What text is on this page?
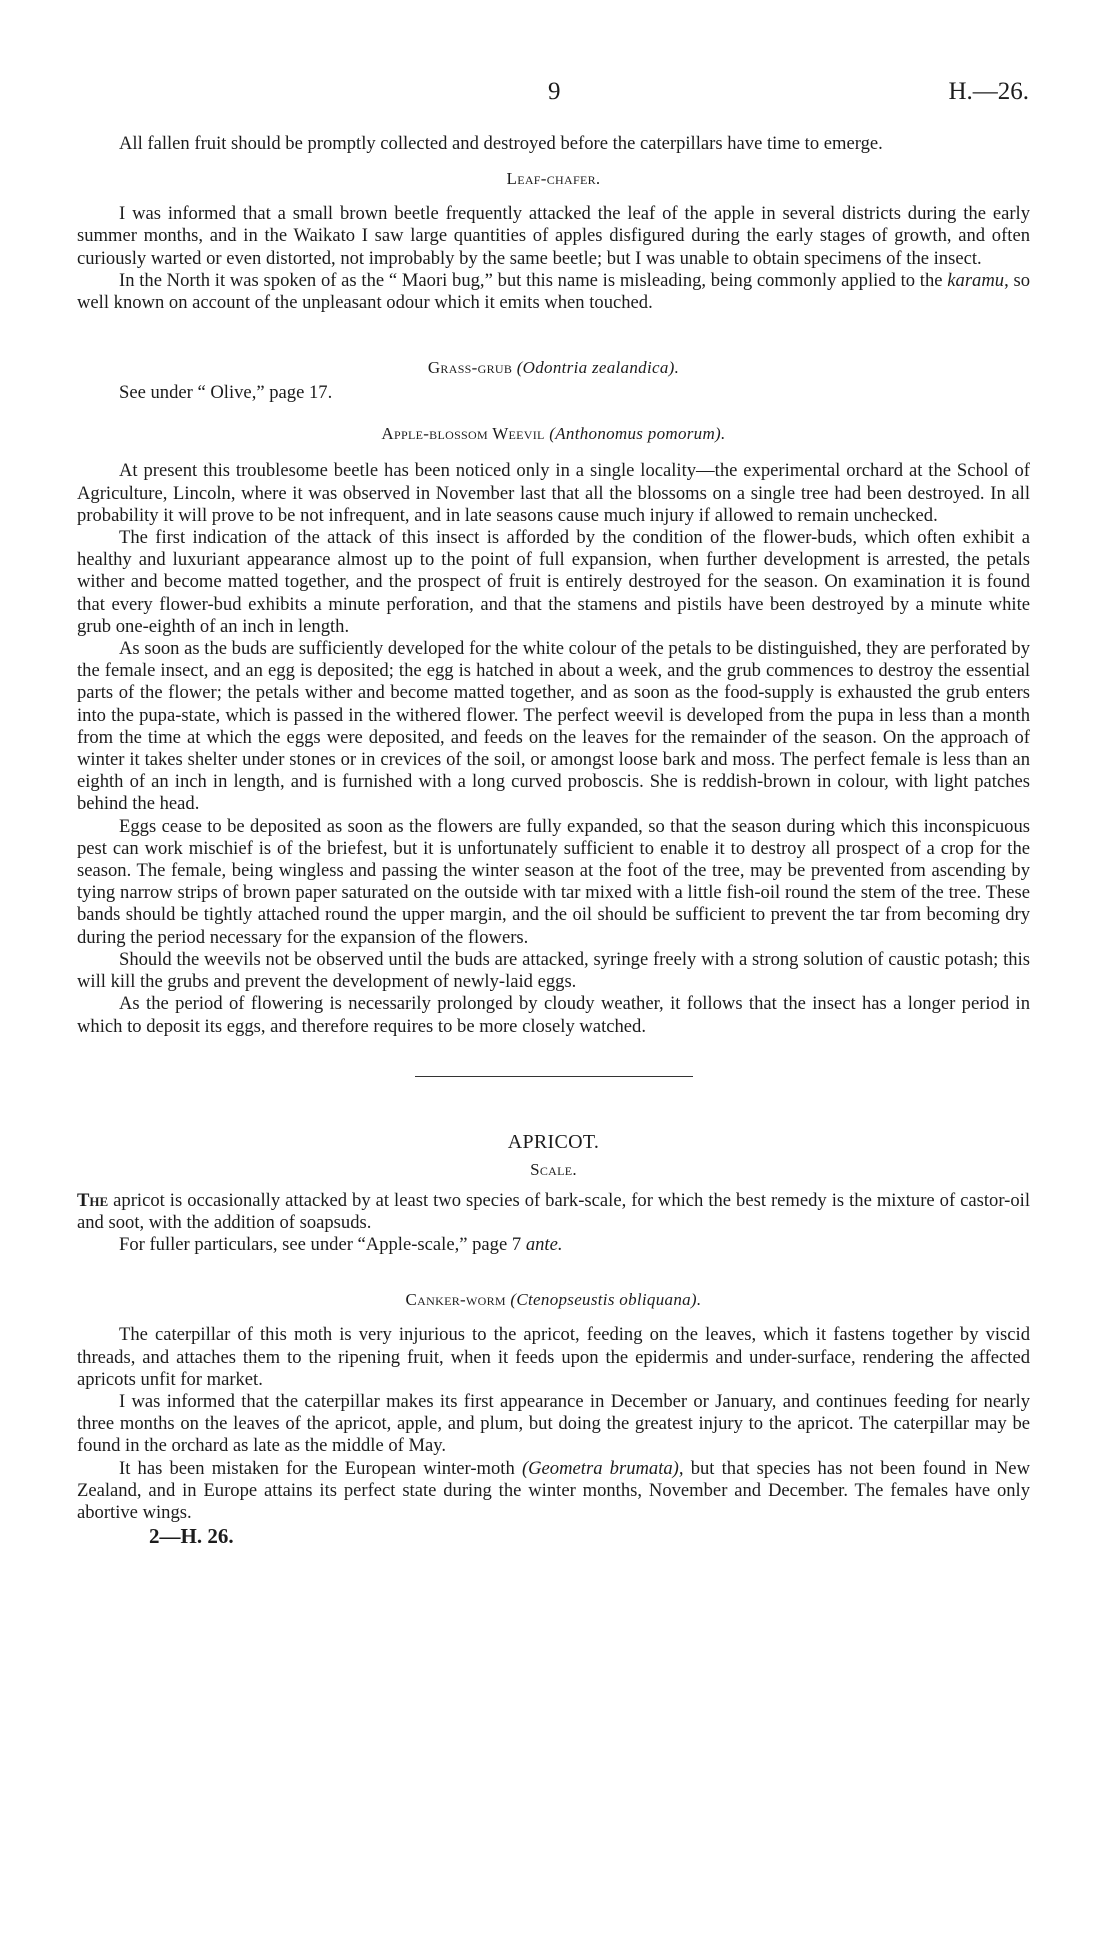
9	H.—26.

All fallen fruit should be promptly collected and destroyed before the caterpillars have time to emerge.

Leaf-chafer.

I was informed that a small brown beetle frequently attacked the leaf of the apple in several districts during the early summer months, and in the Waikato I saw large quantities of apples disfigured during the early stages of growth, and often curiously warted or even distorted, not improbably by the same beetle; but I was unable to obtain specimens of the insect.

In the North it was spoken of as the “ Maori bug,” but this name is misleading, being commonly applied to the karamu, so well known on account of the unpleasant odour which it emits when touched.

Grass-grub (Odontria zealandica).

See under “ Olive,” page 17.

Apple-blossom Weevil (Anthonomus pomorum).

At present this troublesome beetle has been noticed only in a single locality—the experimental orchard at the School of Agriculture, Lincoln, where it was observed in November last that all the blossoms on a single tree had been destroyed. In all probability it will prove to be not infrequent, and in late seasons cause much injury if allowed to remain unchecked.

The first indication of the attack of this insect is afforded by the condition of the flower-buds, which often exhibit a healthy and luxuriant appearance almost up to the point of full expansion, when further development is arrested, the petals wither and become matted together, and the prospect of fruit is entirely destroyed for the season. On examination it is found that every flower-bud exhibits a minute perforation, and that the stamens and pistils have been destroyed by a minute white grub one-eighth of an inch in length.

As soon as the buds are sufficiently developed for the white colour of the petals to be distinguished, they are perforated by the female insect, and an egg is deposited; the egg is hatched in about a week, and the grub commences to destroy the essential parts of the flower; the petals wither and become matted together, and as soon as the food-supply is exhausted the grub enters into the pupa-state, which is passed in the withered flower. The perfect weevil is developed from the pupa in less than a month from the time at which the eggs were deposited, and feeds on the leaves for the remainder of the season. On the approach of winter it takes shelter under stones or in crevices of the soil, or amongst loose bark and moss. The perfect female is less than an eighth of an inch in length, and is furnished with a long curved proboscis. She is reddish-brown in colour, with light patches behind the head.

Eggs cease to be deposited as soon as the flowers are fully expanded, so that the season during which this inconspicuous pest can work mischief is of the briefest, but it is unfortunately sufficient to enable it to destroy all prospect of a crop for the season. The female, being wingless and passing the winter season at the foot of the tree, may be prevented from ascending by tying narrow strips of brown paper saturated on the outside with tar mixed with a little fish-oil round the stem of the tree. These bands should be tightly attached round the upper margin, and the oil should be sufficient to prevent the tar from becoming dry during the period necessary for the expansion of the flowers.

Should the weevils not be observed until the buds are attacked, syringe freely with a strong solution of caustic potash; this will kill the grubs and prevent the development of newly-laid eggs.

As the period of flowering is necessarily prolonged by cloudy weather, it follows that the insect has a longer period in which to deposit its eggs, and therefore requires to be more closely watched.

APRICOT.
Scale.

The apricot is occasionally attacked by at least two species of bark-scale, for which the best remedy is the mixture of castor-oil and soot, with the addition of soapsuds.

For fuller particulars, see under “Apple-scale,” page 7 ante.

Canker-worm (Ctenopseustis obliquana).

The caterpillar of this moth is very injurious to the apricot, feeding on the leaves, which it fastens together by viscid threads, and attaches them to the ripening fruit, when it feeds upon the epidermis and under-surface, rendering the affected apricots unfit for market.

I was informed that the caterpillar makes its first appearance in December or January, and continues feeding for nearly three months on the leaves of the apricot, apple, and plum, but doing the greatest injury to the apricot. The caterpillar may be found in the orchard as late as the middle of May.

It has been mistaken for the European winter-moth (Geometra brumata), but that species has not been found in New Zealand, and in Europe attains its perfect state during the winter months, November and December. The females have only abortive wings.

2—H. 26.
